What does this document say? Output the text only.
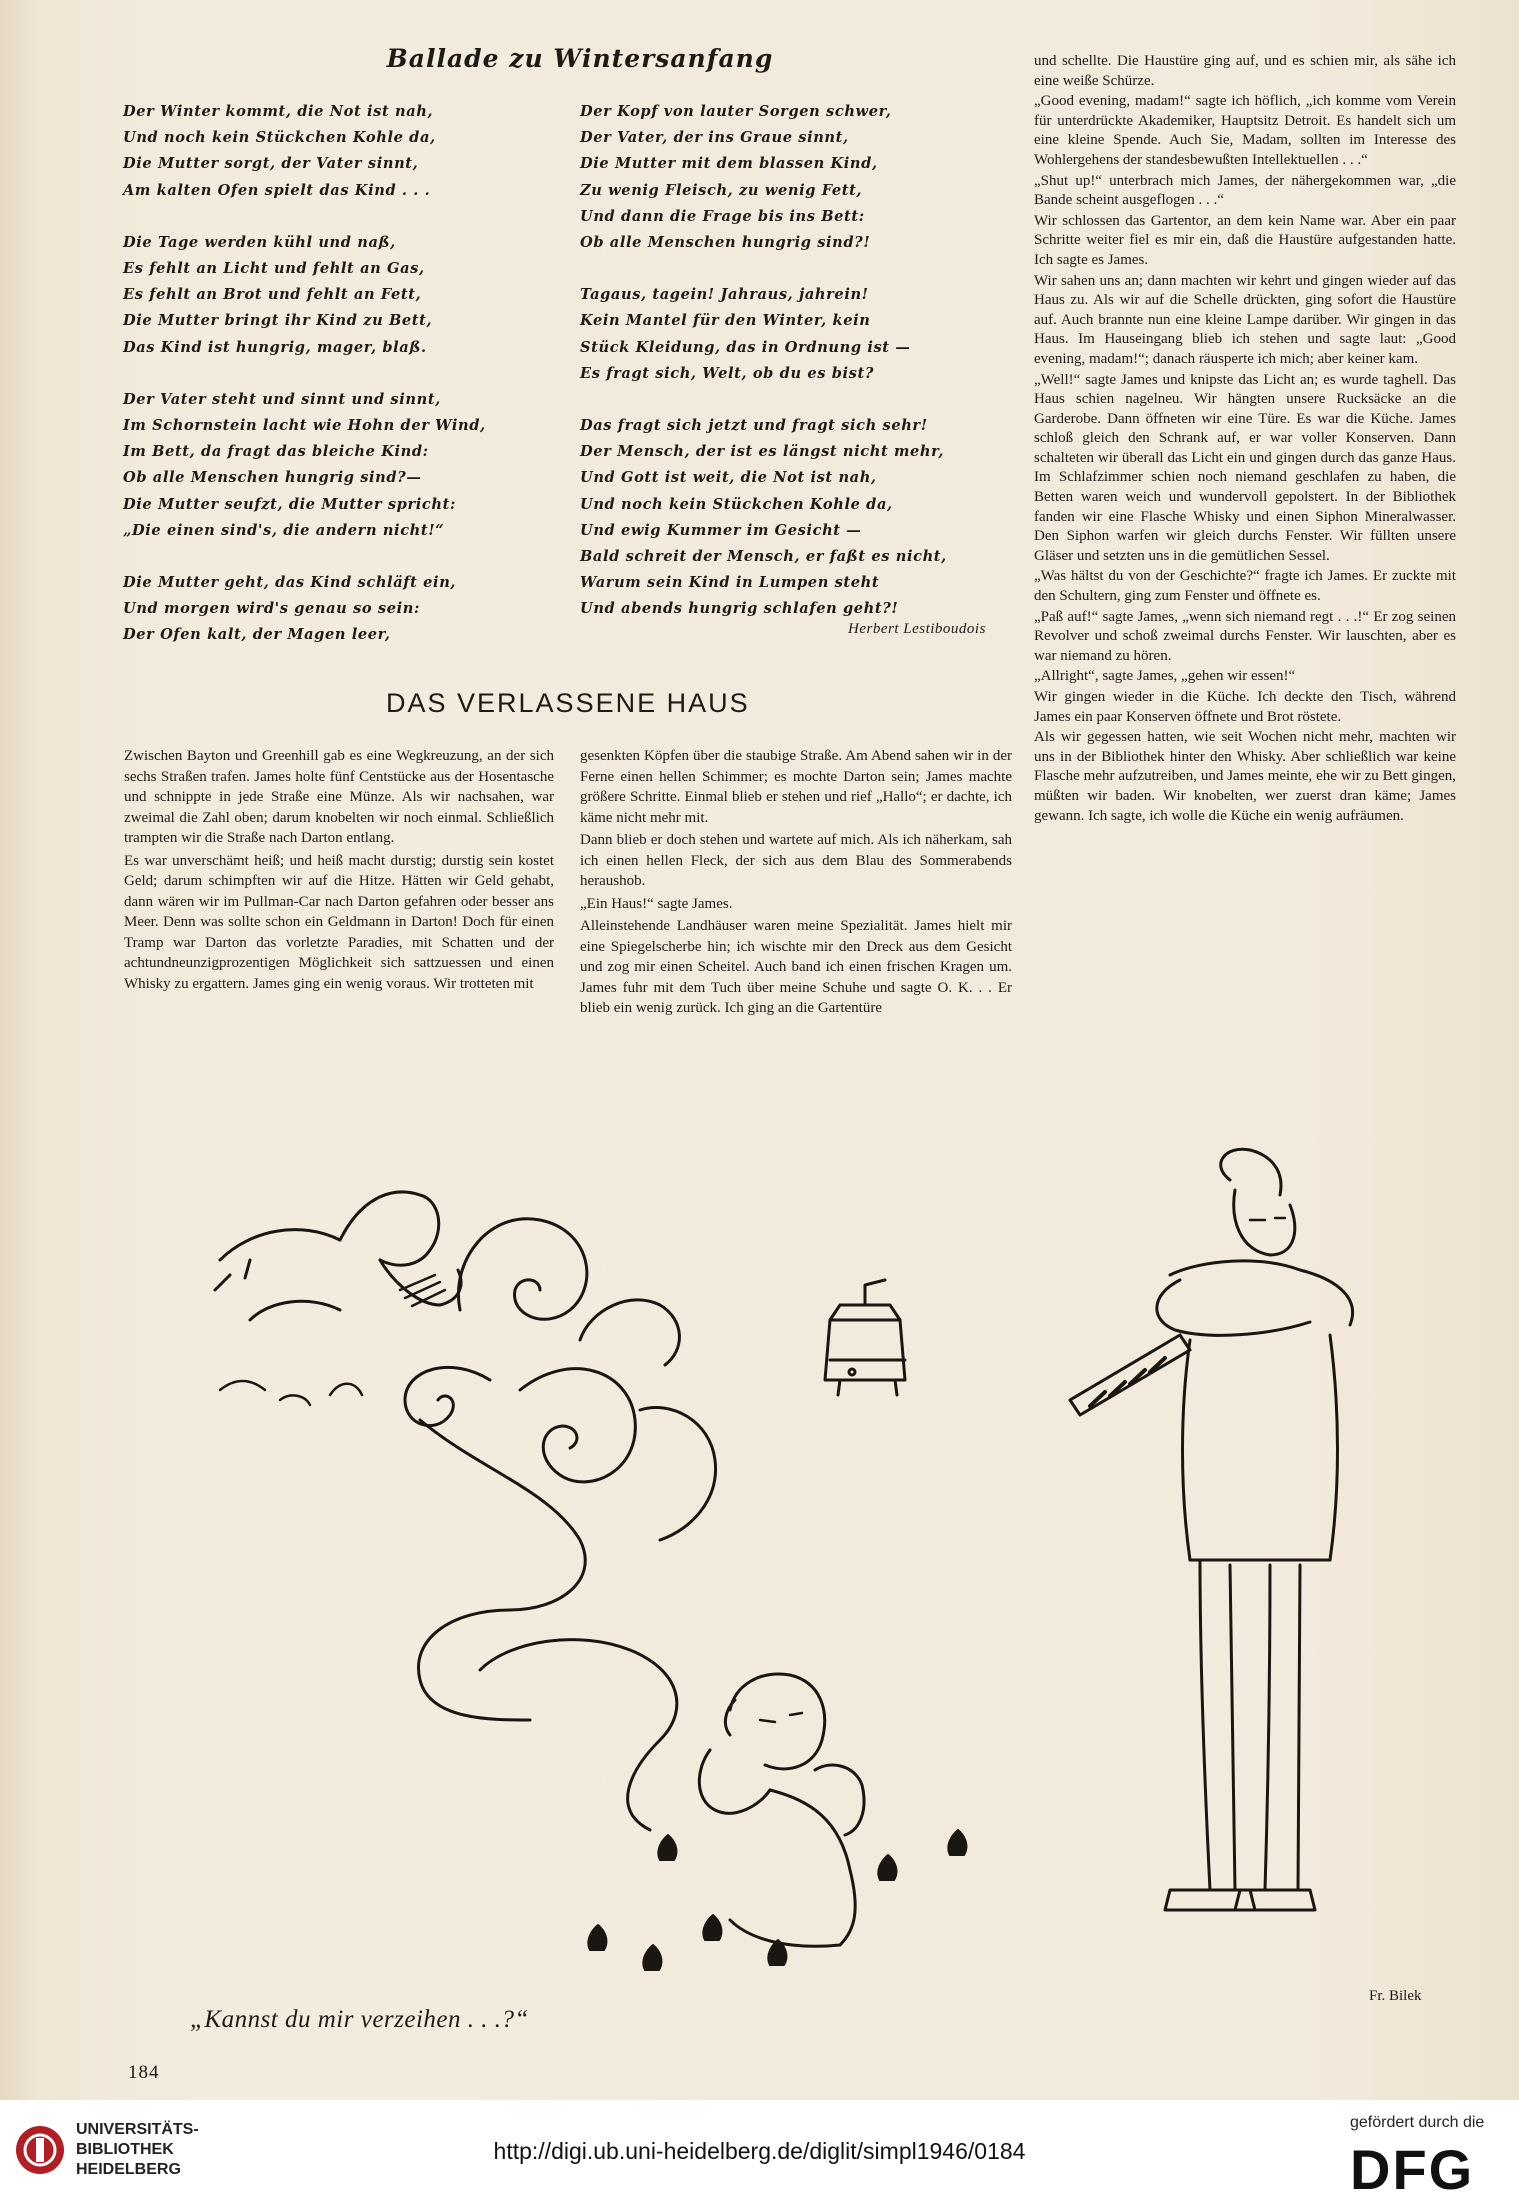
Ballade zu Wintersanfang

Der Winter kommt, die Not ist nah,

Und noch kein Stückchen Kohle da,

Die Mutter sorgt, der Vater sinnt,

Am kalten Ofen spielt das Kind . . .

Die Tage werden kühl und naß,

Es fehlt an Licht und fehlt an Gas,

Es fehlt an Brot und fehlt an Fett,

Die Mutter bringt ihr Kind zu Bett,

Das Kind ist hungrig, mager, blaß.

Der Vater steht und sinnt und sinnt,

Im Schornstein lacht wie Hohn der Wind,

Im Bett, da fragt das bleiche Kind:

Ob alle Menschen hungrig sind?—

Die Mutter seufzt, die Mutter spricht:

„Die einen sind's, die andern nicht!“

Die Mutter geht, das Kind schläft ein,

Und morgen wird's genau so sein:

Der Ofen kalt, der Magen leer,

Der Kopf von lauter Sorgen schwer,

Der Vater, der ins Graue sinnt,

Die Mutter mit dem blassen Kind,

Zu wenig Fleisch, zu wenig Fett,

Und dann die Frage bis ins Bett:

Ob alle Menschen hungrig sind?!

Tagaus, tagein! Jahraus, jahrein!

Kein Mantel für den Winter, kein

Stück Kleidung, das in Ordnung ist —

Es fragt sich, Welt, ob du es bist?

Das fragt sich jetzt und fragt sich sehr!

Der Mensch, der ist es längst nicht mehr,

Und Gott ist weit, die Not ist nah,

Und noch kein Stückchen Kohle da,

Und ewig Kummer im Gesicht —

Bald schreit der Mensch, er faßt es nicht,

Warum sein Kind in Lumpen steht

Und abends hungrig schlafen geht?!

Herbert Lestiboudois
DAS VERLASSENE HAUS

Zwischen Bayton und Greenhill gab es eine Wegkreuzung, an der sich sechs Straßen trafen. James holte fünf Centstücke aus der Hosentasche und schnippte in jede Straße eine Münze. Als wir nachsahen, war zweimal die Zahl oben; darum knobelten wir noch einmal. Schließlich trampten wir die Straße nach Darton entlang.

Es war unverschämt heiß; und heiß macht durstig; durstig sein kostet Geld; darum schimpften wir auf die Hitze. Hätten wir Geld gehabt, dann wären wir im Pullman-Car nach Darton gefahren oder besser ans Meer. Denn was sollte schon ein Geldmann in Darton! Doch für einen Tramp war Darton das vorletzte Paradies, mit Schatten und der achtundneunzigprozentigen Möglichkeit sich sattzuessen und einen Whisky zu ergattern. James ging ein wenig voraus. Wir trotteten mit

gesenkten Köpfen über die staubige Straße. Am Abend sahen wir in der Ferne einen hellen Schimmer; es mochte Darton sein; James machte größere Schritte. Einmal blieb er stehen und rief „Hallo“; er dachte, ich käme nicht mehr mit.

Dann blieb er doch stehen und wartete auf mich. Als ich näherkam, sah ich einen hellen Fleck, der sich aus dem Blau des Sommerabends heraushob.

„Ein Haus!“ sagte James.

Alleinstehende Landhäuser waren meine Spezialität. James hielt mir eine Spiegelscherbe hin; ich wischte mir den Dreck aus dem Gesicht und zog mir einen Scheitel. Auch band ich einen frischen Kragen um. James fuhr mit dem Tuch über meine Schuhe und sagte O. K. . . Er blieb ein wenig zurück. Ich ging an die Gartentüre

und schellte. Die Haustüre ging auf, und es schien mir, als sähe ich eine weiße Schürze.

„Good evening, madam!“ sagte ich höflich, „ich komme vom Verein für unterdrückte Akademiker, Hauptsitz Detroit. Es handelt sich um eine kleine Spende. Auch Sie, Madam, sollten im Interesse des Wohlergehens der standesbewußten Intellektuellen . . .“

„Shut up!“ unterbrach mich James, der nähergekommen war, „die Bande scheint ausgeflogen . . .“

Wir schlossen das Gartentor, an dem kein Name war. Aber ein paar Schritte weiter fiel es mir ein, daß die Haustüre aufgestanden hatte. Ich sagte es James.

Wir sahen uns an; dann machten wir kehrt und gingen wieder auf das Haus zu. Als wir auf die Schelle drückten, ging sofort die Haustüre auf. Auch brannte nun eine kleine Lampe darüber. Wir gingen in das Haus. Im Hauseingang blieb ich stehen und sagte laut: „Good evening, madam!“; danach räusperte ich mich; aber keiner kam.

„Well!“ sagte James und knipste das Licht an; es wurde taghell. Das Haus schien nagelneu. Wir hängten unsere Rucksäcke an die Garderobe. Dann öffneten wir eine Türe. Es war die Küche. James schloß gleich den Schrank auf, er war voller Konserven. Dann schalteten wir überall das Licht ein und gingen durch das ganze Haus. Im Schlafzimmer schien noch niemand geschlafen zu haben, die Betten waren weich und wundervoll gepolstert. In der Bibliothek fanden wir eine Flasche Whisky und einen Siphon Mineralwasser. Den Siphon warfen wir gleich durchs Fenster. Wir füllten unsere Gläser und setzten uns in die gemütlichen Sessel.

„Was hältst du von der Geschichte?“ fragte ich James. Er zuckte mit den Schultern, ging zum Fenster und öffnete es.

„Paß auf!“ sagte James, „wenn sich niemand regt . . .!“ Er zog seinen Revolver und schoß zweimal durchs Fenster. Wir lauschten, aber es war niemand zu hören.

„Allright“, sagte James, „gehen wir essen!“

Wir gingen wieder in die Küche. Ich deckte den Tisch, während James ein paar Konserven öffnete und Brot röstete.

Als wir gegessen hatten, wie seit Wochen nicht mehr, machten wir uns in der Bibliothek hinter den Whisky. Aber schließlich war keine Flasche mehr aufzutreiben, und James meinte, ehe wir zu Bett gingen, müßten wir baden. Wir knobelten, wer zuerst dran käme; James gewann. Ich sagte, ich wolle die Küche ein wenig aufräumen.

Fr. Bilek
„Kannst du mir verzeihen . . .?“
184
UNIVERSITÄTS-
BIBLIOTHEK
HEIDELBERG
http://digi.ub.uni-heidelberg.de/diglit/simpl1946/0184
gefördert durch die
DFG
